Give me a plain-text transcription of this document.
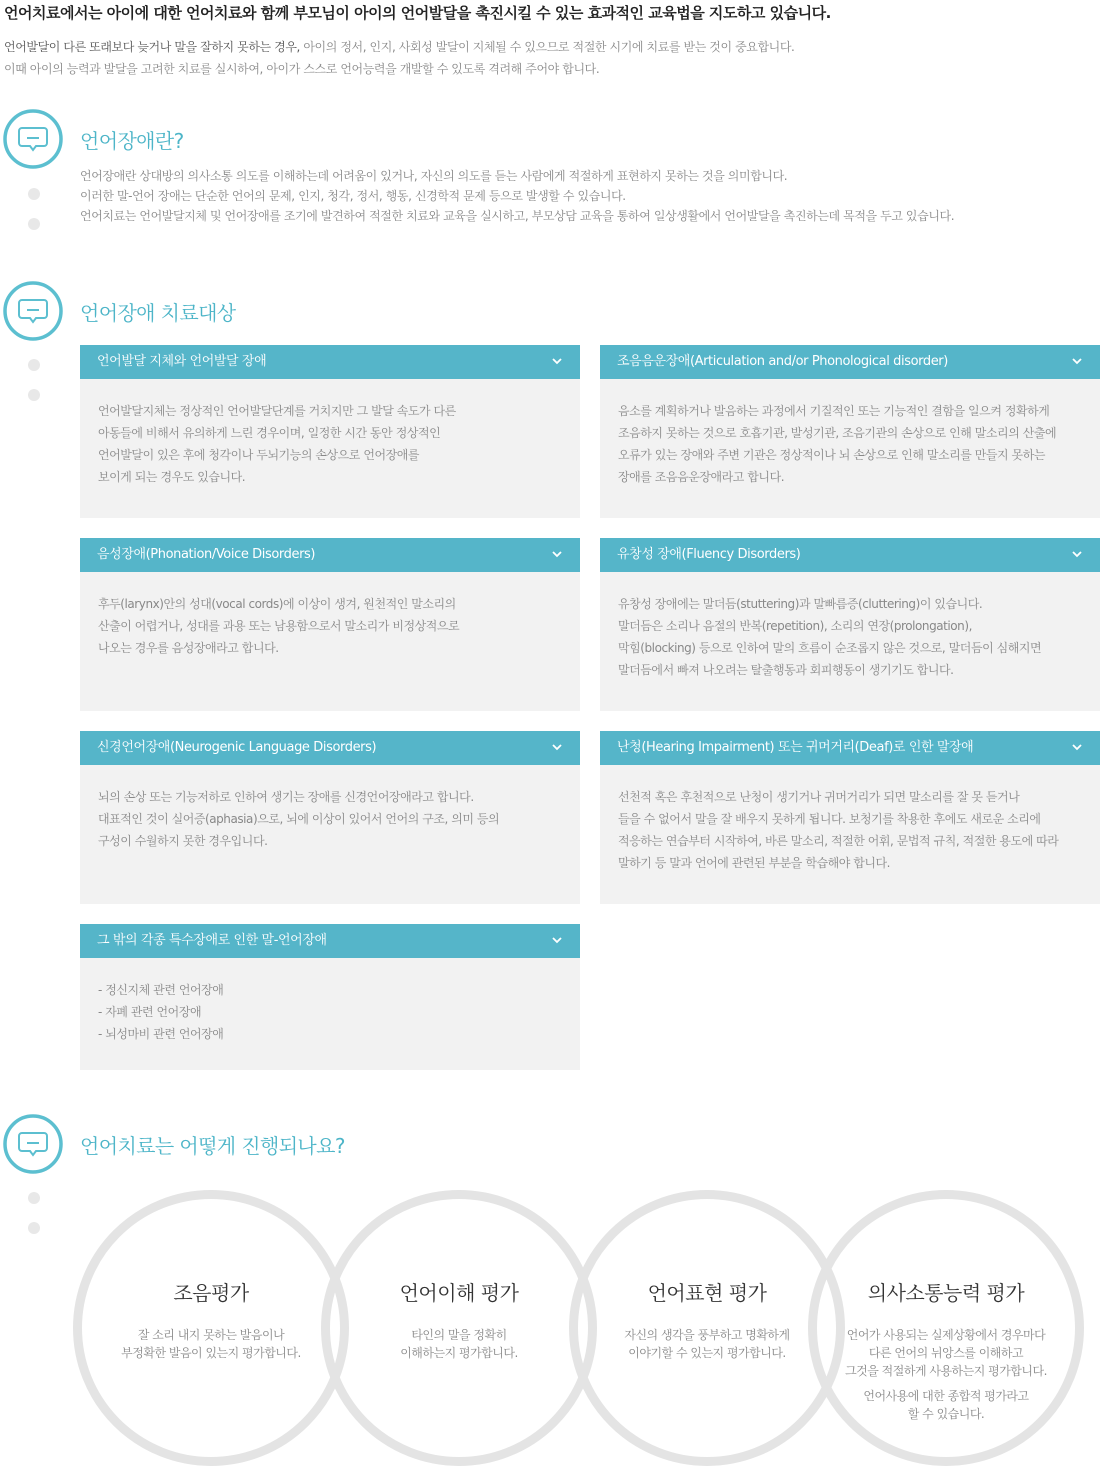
언어치료에서는 아이에 대한 언어치료와 함께 부모님이 아이의 언어발달을 촉진시킬 수 있는 효과적인 교육법을 지도하고 있습니다.
언어발달이 다른 또래보다 늦거나 말을 잘하지 못하는 경우, 아이의 정서, 인지, 사회성 발달이 지체될 수 있으므로 적절한 시기에 치료를 받는 것이 중요합니다.
이때 아이의 능력과 발달을 고려한 치료를 실시하여, 아이가 스스로 언어능력을 개발할 수 있도록 격려해 주어야 합니다.
언어장애란?
언어장애란 상대방의 의사소통 의도를 이해하는데 어려움이 있거나, 자신의 의도를 듣는 사람에게 적절하게 표현하지 못하는 것을 의미합니다.
이러한 말-언어 장애는 단순한 언어의 문제, 인지, 청각, 정서, 행동, 신경학적 문제 등으로 발생할 수 있습니다.
언어치료는 언어발달지체 및 언어장애를 조기에 발견하여 적절한 치료와 교육을 실시하고, 부모상담 교육을 통하여 일상생활에서 언어발달을 촉진하는데 목적을 두고 있습니다.
언어장애 치료대상
언어발달 지체와 언어발달 장애
언어발달지체는 정상적인 언어발달단계를 거치지만 그 발달 속도가 다른
아동들에 비해서 유의하게 느린 경우이며, 일정한 시간 동안 정상적인
언어발달이 있은 후에 청각이나 두뇌기능의 손상으로 언어장애를
보이게 되는 경우도 있습니다.
조음음운장애(Articulation and/or Phonological disorder)
음소를 계획하거나 발음하는 과정에서 기질적인 또는 기능적인 결함을 일으켜 정확하게
조음하지 못하는 것으로 호흡기관, 발성기관, 조음기관의 손상으로 인해 말소리의 산출에
오류가 있는 장애와 주변 기관은 정상적이나 뇌 손상으로 인해 말소리를 만들지 못하는
장애를 조음음운장애라고 합니다.
음성장애(Phonation/Voice Disorders)
후두(larynx)안의 성대(vocal cords)에 이상이 생겨, 원천적인 말소리의
산출이 어렵거나, 성대를 과용 또는 남용함으로서 말소리가 비정상적으로
나오는 경우를 음성장애라고 합니다.
유창성 장애(Fluency Disorders)
유창성 장애에는 말더듬(stuttering)과 말빠름증(cluttering)이 있습니다.
말더듬은 소리나 음절의 반복(repetition), 소리의 연장(prolongation),
막힘(blocking) 등으로 인하여 말의 흐름이 순조롭지 않은 것으로, 말더듬이 심해지면
말더듬에서 빠져 나오려는 탈출행동과 회피행동이 생기기도 합니다.
신경언어장애(Neurogenic Language Disorders)
뇌의 손상 또는 기능저하로 인하여 생기는 장애를 신경언어장애라고 합니다.
대표적인 것이 실어증(aphasia)으로, 뇌에 이상이 있어서 언어의 구조, 의미 등의
구성이 수월하지 못한 경우입니다.
난청(Hearing Impairment) 또는 귀머거리(Deaf)로 인한 말장애
선천적 혹은 후천적으로 난청이 생기거나 귀머거리가 되면 말소리를 잘 못 듣거나
들을 수 없어서 말을 잘 배우지 못하게 됩니다. 보청기를 착용한 후에도 새로운 소리에
적응하는 연습부터 시작하여, 바른 말소리, 적절한 어휘, 문법적 규칙, 적절한 용도에 따라
말하기 등 말과 언어에 관련된 부분을 학습해야 합니다.
그 밖의 각종 특수장애로 인한 말-언어장애
- 정신지체 관련 언어장애
- 자폐 관련 언어장애
- 뇌성마비 관련 언어장애
언어치료는 어떻게 진행되나요?
조음평가

잘 소리 내지 못하는 발음이나
부정확한 발음이 있는지 평가합니다.

언어이해 평가

타인의 말을 정확히
이해하는지 평가합니다.

언어표현 평가

자신의 생각을 풍부하고 명확하게
이야기할 수 있는지 평가합니다.

의사소통능력 평가

언어가 사용되는 실제상황에서 경우마다
다른 언어의 뉘앙스를 이해하고
그것을 적절하게 사용하는지 평가합니다.

언어사용에 대한 종합적 평가라고
할 수 있습니다.
